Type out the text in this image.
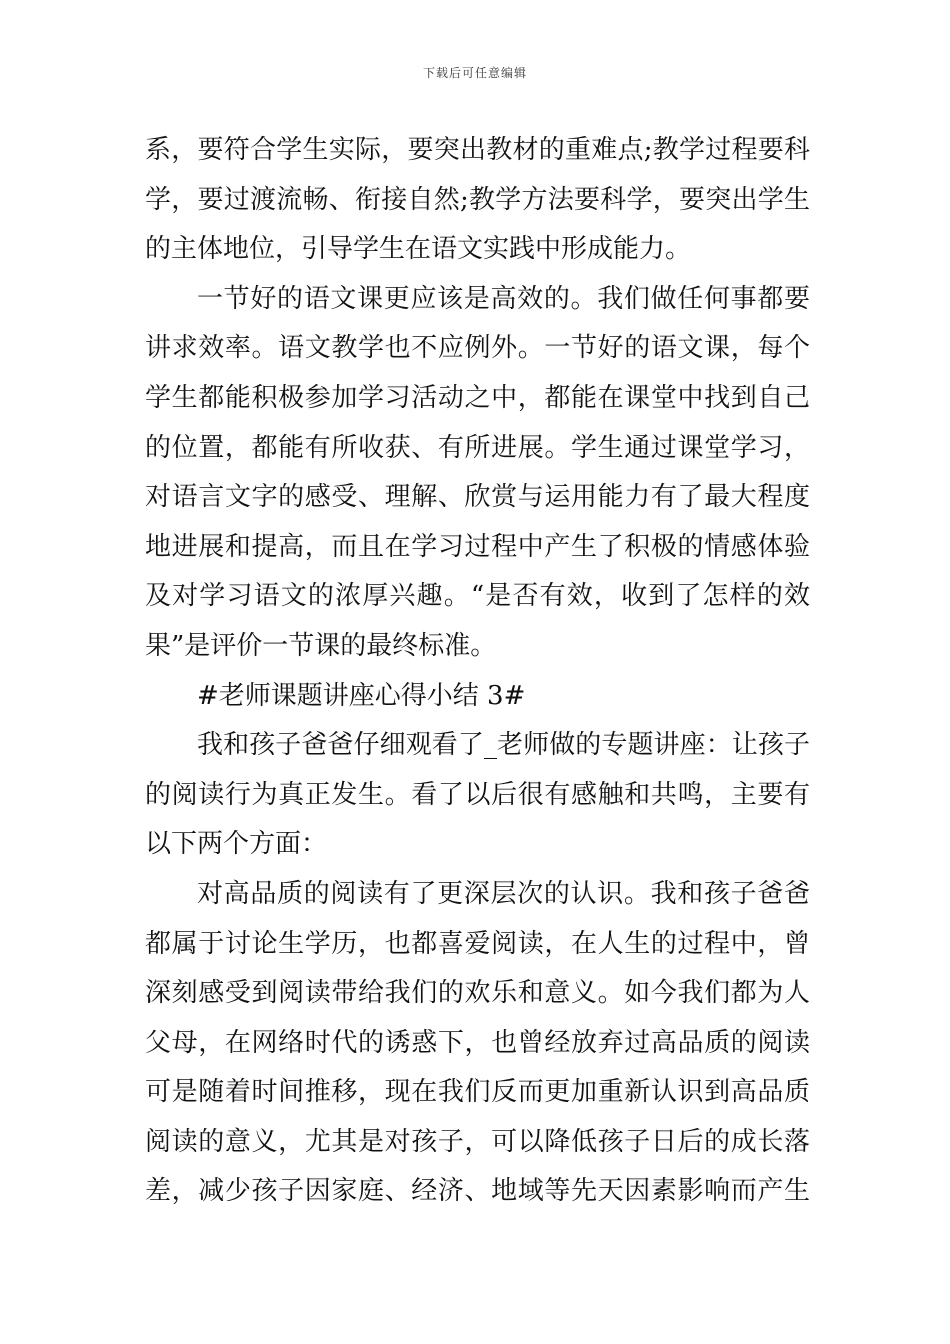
下载后可任意编辑
系，要符合学生实际，要突出教材的重难点;教学过程要科
学，要过渡流畅、衔接自然;教学方法要科学，要突出学生
的主体地位，引导学生在语文实践中形成能力。
一节好的语文课更应该是高效的。我们做任何事都要
讲求效率。语文教学也不应例外。一节好的语文课，每个
学生都能积极参加学习活动之中，都能在课堂中找到自己
的位置，都能有所收获、有所进展。学生通过课堂学习，
对语言文字的感受、理解、欣赏与运用能力有了最大程度
地进展和提高，而且在学习过程中产生了积极的情感体验
及对学习语文的浓厚兴趣。“是否有效，收到了怎样的效
果”是评价一节课的最终标准。
#老师课题讲座心得小结 3#
我和孩子爸爸仔细观看了_老师做的专题讲座：让孩子
的阅读行为真正发生。看了以后很有感触和共鸣，主要有
以下两个方面：
对高品质的阅读有了更深层次的认识。我和孩子爸爸
都属于讨论生学历，也都喜爱阅读，在人生的过程中，曾
深刻感受到阅读带给我们的欢乐和意义。如今我们都为人
父母，在网络时代的诱惑下，也曾经放弃过高品质的阅读
可是随着时间推移，现在我们反而更加重新认识到高品质
阅读的意义，尤其是对孩子，可以降低孩子日后的成长落
差，减少孩子因家庭、经济、地域等先天因素影响而产生
